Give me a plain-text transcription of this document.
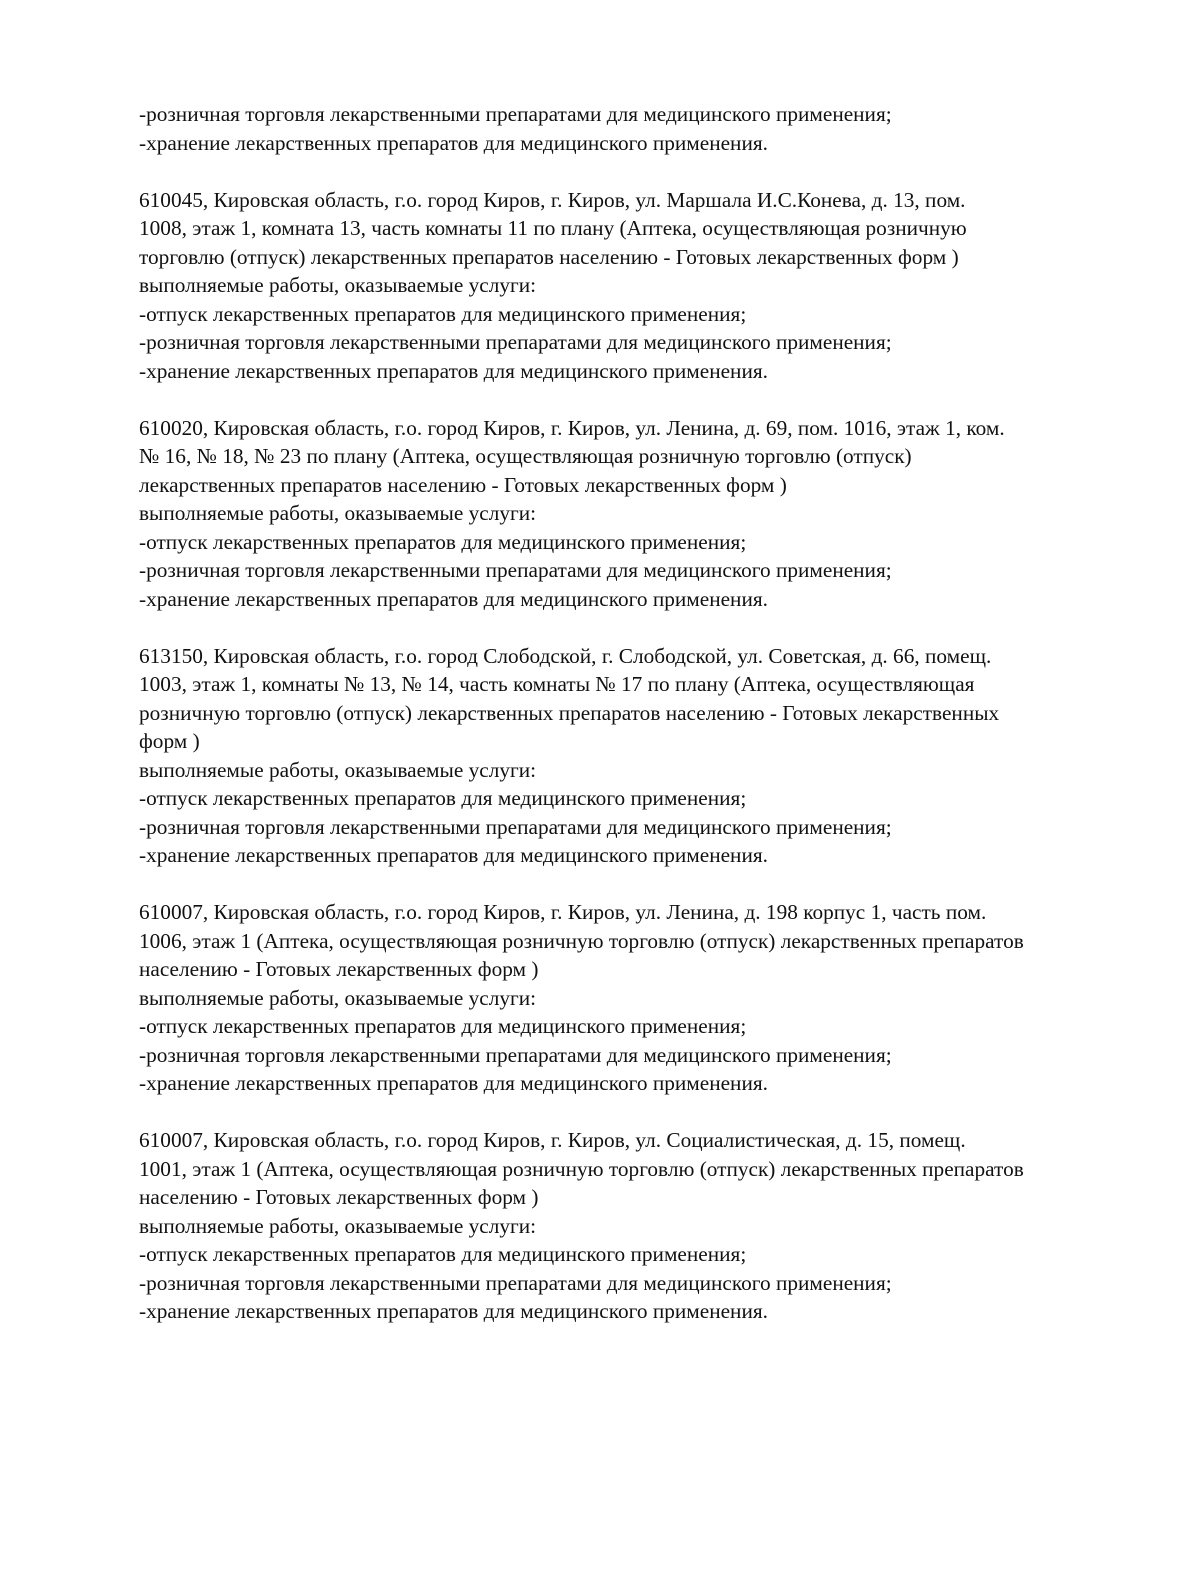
-розничная торговля лекарственными препаратами для медицинского применения;
-хранение лекарственных препаратов для медицинского применения.
610045, Кировская область, г.о. город Киров, г. Киров, ул. Маршала И.С.Конева, д. 13, пом.
1008, этаж 1, комната 13, часть комнаты 11 по плану (Аптека, осуществляющая розничную
торговлю (отпуск) лекарственных препаратов населению - Готовых лекарственных форм )
выполняемые работы, оказываемые услуги:
-отпуск лекарственных препаратов для медицинского применения;
-розничная торговля лекарственными препаратами для медицинского применения;
-хранение лекарственных препаратов для медицинского применения.
610020, Кировская область, г.о. город Киров, г. Киров, ул. Ленина, д. 69, пом. 1016, этаж 1, ком.
№ 16, № 18, № 23 по плану (Аптека, осуществляющая розничную торговлю (отпуск)
лекарственных препаратов населению - Готовых лекарственных форм )
выполняемые работы, оказываемые услуги:
-отпуск лекарственных препаратов для медицинского применения;
-розничная торговля лекарственными препаратами для медицинского применения;
-хранение лекарственных препаратов для медицинского применения.
613150, Кировская область, г.о. город Слободской, г. Слободской, ул. Советская, д. 66, помещ.
1003, этаж 1, комнаты № 13, № 14, часть комнаты № 17 по плану (Аптека, осуществляющая
розничную торговлю (отпуск) лекарственных препаратов населению - Готовых лекарственных
форм )
выполняемые работы, оказываемые услуги:
-отпуск лекарственных препаратов для медицинского применения;
-розничная торговля лекарственными препаратами для медицинского применения;
-хранение лекарственных препаратов для медицинского применения.
610007, Кировская область, г.о. город Киров, г. Киров, ул. Ленина, д. 198 корпус 1, часть пом.
1006, этаж 1 (Аптека, осуществляющая розничную торговлю (отпуск) лекарственных препаратов
населению - Готовых лекарственных форм )
выполняемые работы, оказываемые услуги:
-отпуск лекарственных препаратов для медицинского применения;
-розничная торговля лекарственными препаратами для медицинского применения;
-хранение лекарственных препаратов для медицинского применения.
610007, Кировская область, г.о. город Киров, г. Киров, ул. Социалистическая, д. 15, помещ.
1001, этаж 1 (Аптека, осуществляющая розничную торговлю (отпуск) лекарственных препаратов
населению - Готовых лекарственных форм )
выполняемые работы, оказываемые услуги:
-отпуск лекарственных препаратов для медицинского применения;
-розничная торговля лекарственными препаратами для медицинского применения;
-хранение лекарственных препаратов для медицинского применения.
